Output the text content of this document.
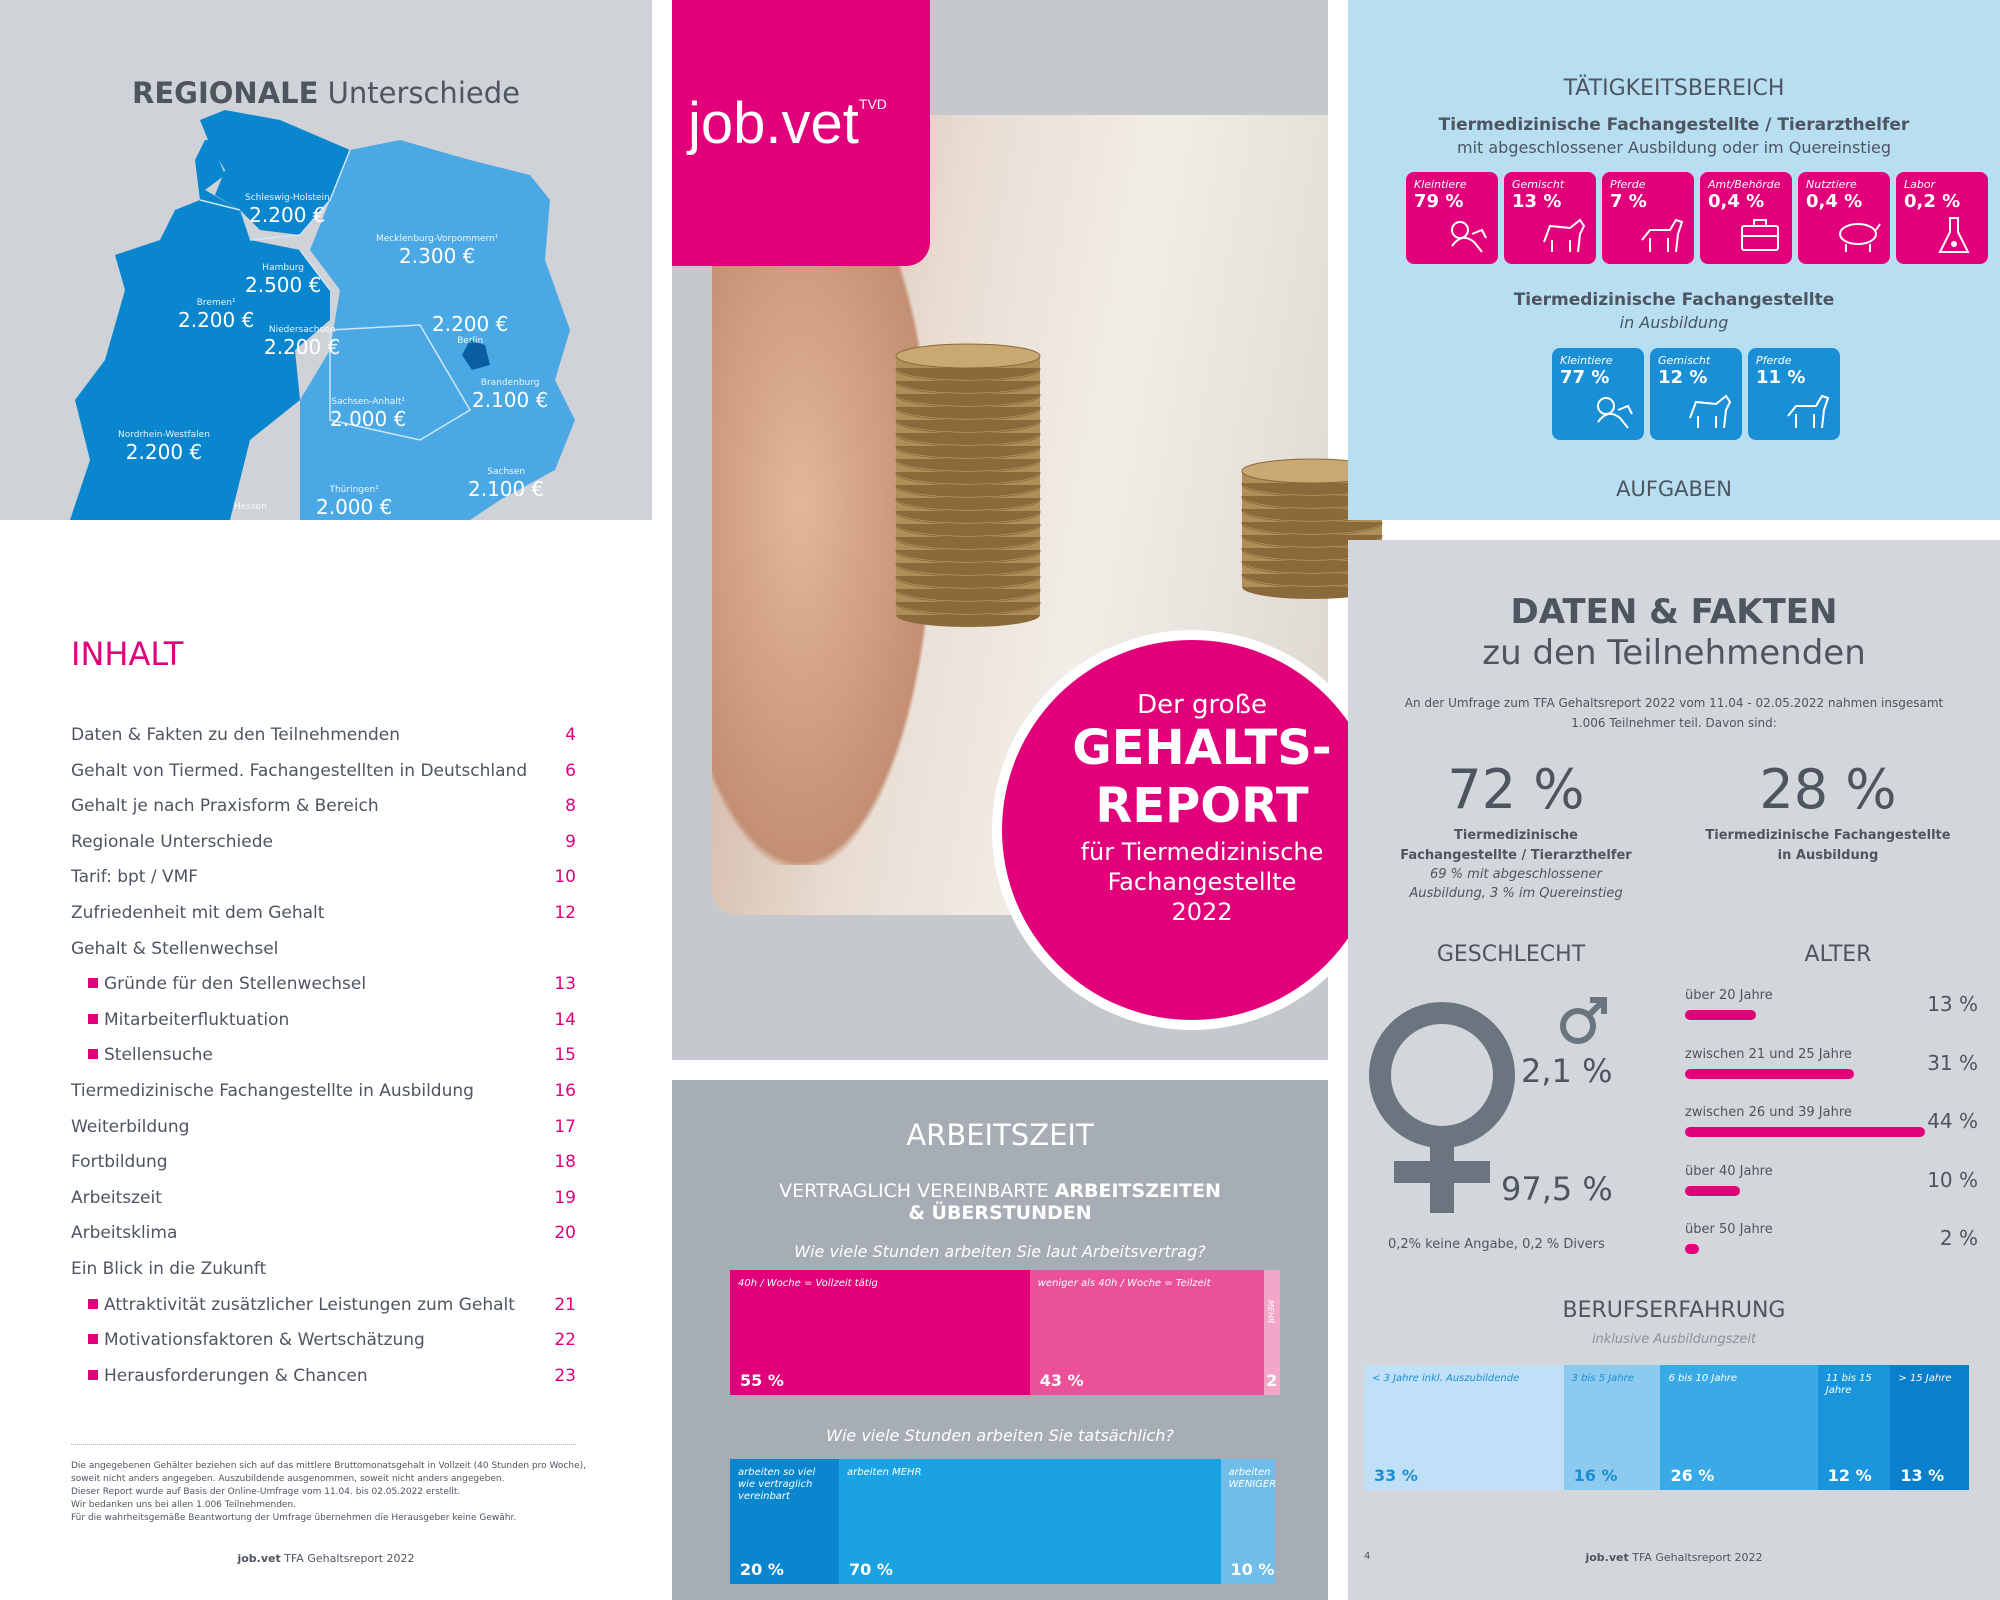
REGIONALE Unterschiede
Schleswig-Holstein
2.200 €
Hamburg
2.500 €
Bremen¹
2.200 €	Niedersachsen
2.200 €
Mecklenburg-Vorpommern¹
2.300 €
2.200 €
Berlin
Brandenburg
2.100 €
Sachsen-Anhalt¹
2.000 €
Nordrhein-Westfalen
2.200 €
Sachsen
2.100 €
Thüringen¹
2.000 €
Hessen
job.vet$^{TVD}$
Der große
GEHALTS-
REPORT
für Tiermedizinische
Fachangestellte
2022
TÄTIGKEITSBEREICH
Tiermedizinische Fachangestellte / Tierarzthelfer
mit abgeschlossener Ausbildung oder im Quereinstieg
Kleintiere
79 %
Gemischt
13 %
Pferde
7 %
Amt/Behörde
0,4 %
Nutztiere
0,4 %
Labor
0,2 %
Tiermedizinische Fachangestellte
in Ausbildung
Kleintiere
77 %
Gemischt
12 %
Pferde
11 %
AUFGABEN
INHALT
Daten & Fakten zu den Teilnehmenden	4
Gehalt von Tiermed. Fachangestellten in Deutschland 6
Gehalt je nach Praxisform & Bereich	8
Regionale Unterschiede	9
Tarif: bpt / VMF	10
Zufriedenheit mit dem Gehalt	12
Gehalt & Stellenwechsel
Gründe für den Stellenwechsel	13
Mitarbeiterfluktuation	14
Stellensuche	15
Tiermedizinische Fachangestellte in Ausbildung	16
Weiterbildung	17
Fortbildung	18
Arbeitszeit	19
Arbeitsklima	20
Ein Blick in die Zukunft
Attraktivität zusätzlicher Leistungen zum Gehalt 21
Motivationsfaktoren & Wertschätzung	22
Herausforderungen & Chancen	23
Die angegebenen Gehälter beziehen sich auf das mittlere Bruttomonatsgehalt in Vollzeit (40 Stunden pro Woche),
soweit nicht anders angegeben. Auszubildende ausgenommen, soweit nicht anders angegeben.
Dieser Report wurde auf Basis der Online-Umfrage vom 11.04. bis 02.05.2022 erstellt.
Wir bedanken uns bei allen 1.006 Teilnehmenden.
Für die wahrheitsgemäße Beantwortung der Umfrage übernehmen die Herausgeber keine Gewähr.
job.vet TFA Gehaltsreport 2022
ARBEITSZEIT
VERTRAGLICH VEREINBARTE ARBEITSZEITEN
& ÜBERSTUNDEN
Wie viele Stunden arbeiten Sie laut Arbeitsvertrag?
40h / Woche = Vollzeit tätig
55 %
weniger als 40h / Woche = Teilzeit
43 %
MEHR
2
Wie viele Stunden arbeiten Sie tatsächlich?
arbeiten so viel wie vertraglich vereinbart
20 %
arbeiten MEHR
70 %
arbeiten WENIGER
10 %
DATEN & FAKTEN
zu den Teilnehmenden
An der Umfrage zum TFA Gehaltsreport 2022 vom 11.04 - 02.05.2022 nahmen insgesamt
1.006 Teilnehmer teil. Davon sind:
72 %
Tiermedizinische
Fachangestellte / Tierarzthelfer
69 % mit abgeschlossener
Ausbildung, 3 % im Quereinstieg
28 %
Tiermedizinische Fachangestellte
in Ausbildung
GESCHLECHT
2,1 %
97,5 %
0,2% keine Angabe, 0,2 % Divers
ALTER
über 20 Jahre	13 %
zwischen 21 und 25 Jahre	31 %
zwischen 26 und 39 Jahre	44 %
über 40 Jahre	10 %
über 50 Jahre	2 %
BERUFSERFAHRUNG
inklusive Ausbildungszeit
< 3 Jahre inkl. Auszubildende
33 %
3 bis 5 Jahre
16 %
6 bis 10 Jahre
26 %
11 bis 15 Jahre
12 %
> 15 Jahre
13 %
4	job.vet TFA Gehaltsreport 2022
